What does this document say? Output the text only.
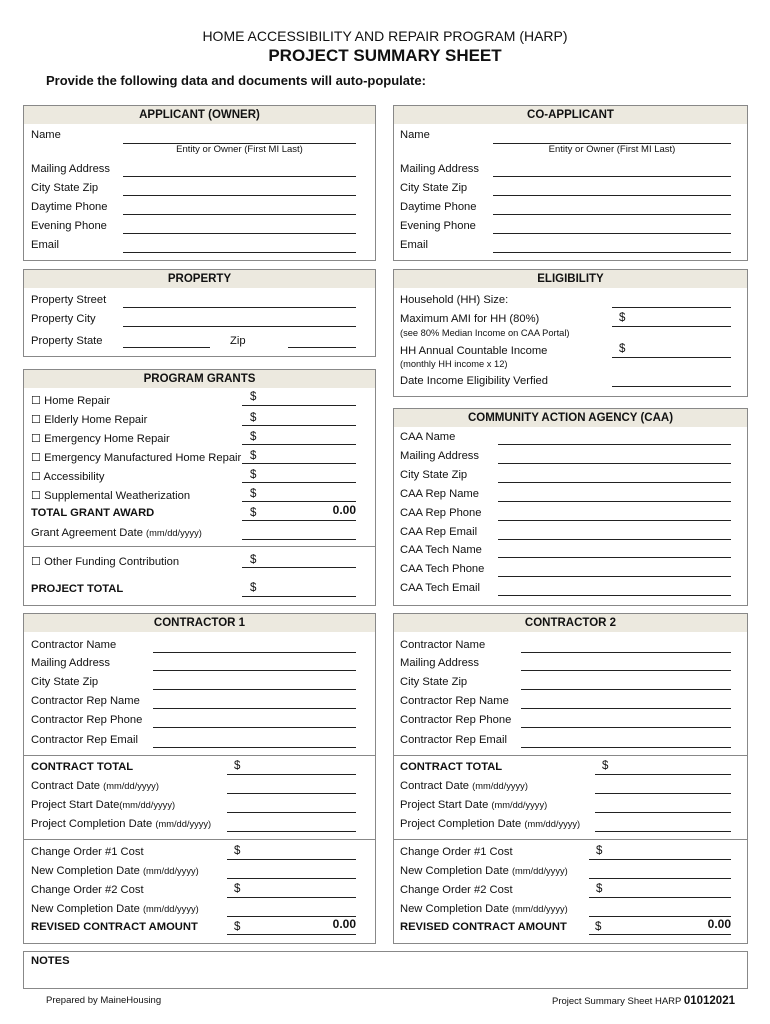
HOME ACCESSIBILITY AND REPAIR PROGRAM (HARP)
PROJECT SUMMARY SHEET
Provide the following data and documents will auto-populate:
APPLICANT (OWNER)
Name
Entity or Owner (First MI Last)
Mailing Address
City State Zip
Daytime Phone
Evening Phone
Email
CO-APPLICANT
Name
Entity or Owner (First MI Last)
Mailing Address
City State Zip
Daytime Phone
Evening Phone
Email
PROPERTY
Property Street
Property City
Property State	Zip
ELIGIBILITY
Household (HH) Size:
Maximum AMI for HH (80%)
(see 80% Median Income on CAA Portal)
$
HH Annual Countable Income
(monthly HH income x 12)
$
Date Income Eligibility Verfied
PROGRAM GRANTS
☐ Home Repair	$
☐ Elderly Home Repair	$
☐ Emergency Home Repair	$
☐ Emergency Manufactured Home Repair $
☐ Accessibility	$
☐ Supplemental Weatherization	$
TOTAL GRANT AWARD	$	0.00
Grant Agreement Date (mm/dd/yyyy)
☐ Other Funding Contribution	$
PROJECT TOTAL	$
COMMUNITY ACTION AGENCY (CAA)
CAA Name
Mailing Address
City State Zip
CAA Rep Name
CAA Rep Phone
CAA Rep Email
CAA Tech Name
CAA Tech Phone
CAA Tech Email
CONTRACTOR 1
Contractor Name
Mailing Address
City State Zip
Contractor Rep Name
Contractor Rep Phone
Contractor Rep Email
CONTRACT TOTAL	$
Contract Date (mm/dd/yyyy)
Project Start Date(mm/dd/yyyy)
Project Completion Date (mm/dd/yyyy)
Change Order #1 Cost	$
New Completion Date (mm/dd/yyyy)
Change Order #2 Cost	$
New Completion Date (mm/dd/yyyy)
REVISED CONTRACT AMOUNT	$	0.00
CONTRACTOR 2
Contractor Name
Mailing Address
City State Zip
Contractor Rep Name
Contractor Rep Phone
Contractor Rep Email
CONTRACT TOTAL	$
Contract Date (mm/dd/yyyy)
Project Start Date (mm/dd/yyyy)
Project Completion Date (mm/dd/yyyy)
Change Order #1 Cost	$
New Completion Date (mm/dd/yyyy)
Change Order #2 Cost	$
New Completion Date (mm/dd/yyyy)
REVISED CONTRACT AMOUNT $	0.00
NOTES
Prepared by MaineHousing	Project Summary Sheet HARP 01012021
